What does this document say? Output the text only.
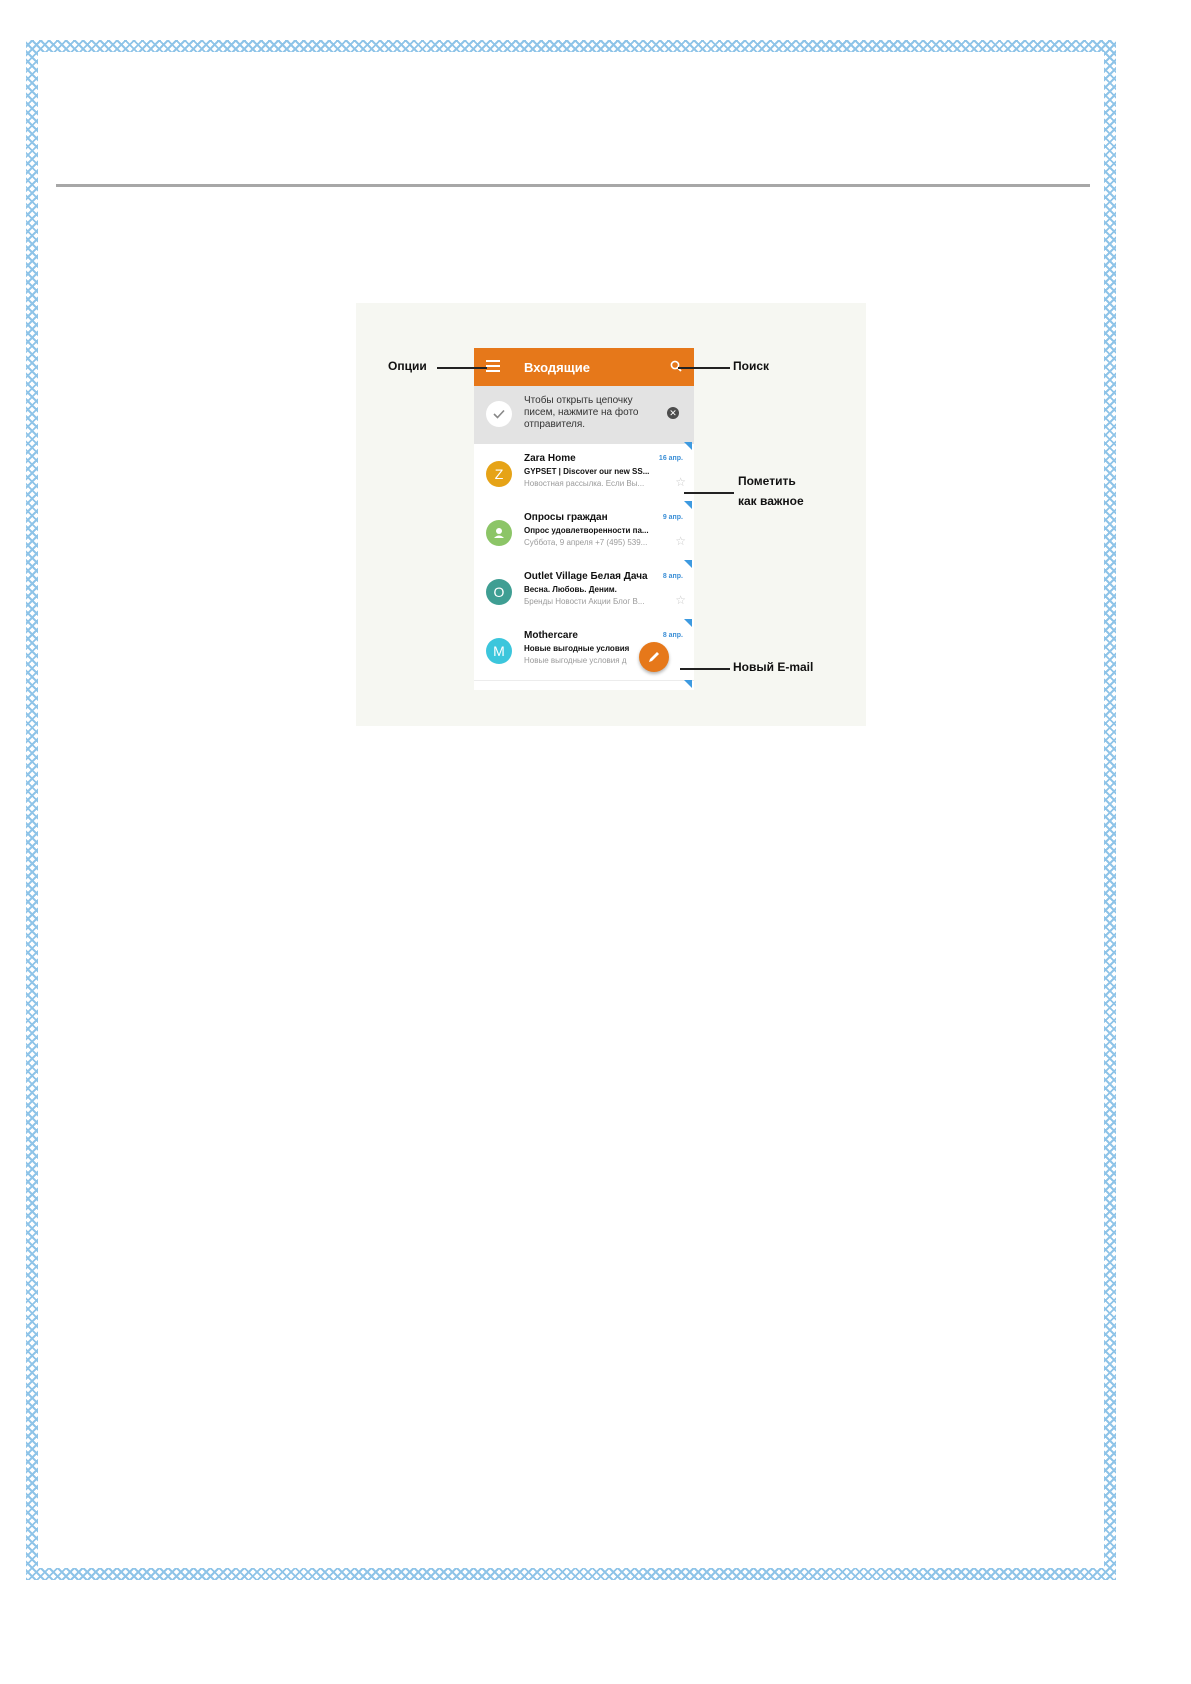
Входящие
Чтобы открыть цепочку писем, нажмите на фото отправителя.
✕
Z
Zara Home	16 апр.
GYPSET | Discover our new SS...
Новостная рассылка. Если Вы...	☆
Опросы граждан	9 апр.
Опрос удовлетворенности па...
Суббота, 9 апреля +7 (495) 539... ☆
O
Outlet Village Белая Дача 8 апр.
Весна. Любовь. Деним.
Бренды Новости Акции Блог В...	☆
M
Mothercare	8 апр.
Новые выгодные условия
Новые выгодные условия д
Опции	Поиск
Пометить
как важное
Новый E-mail
